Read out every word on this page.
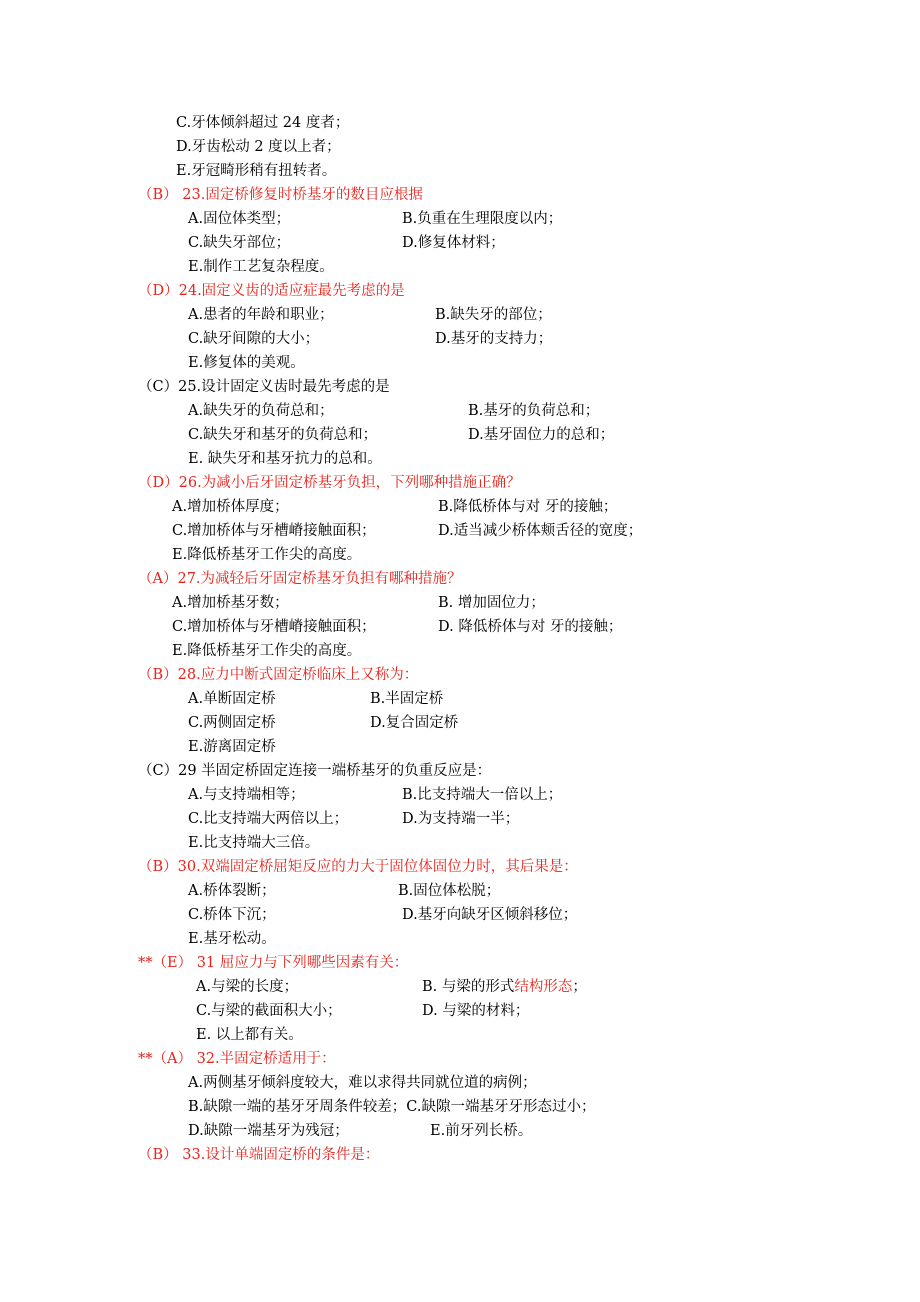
C.牙体倾斜超过 24 度者；
D.牙齿松动 2 度以上者；
E.牙冠畸形稍有扭转者。
（B） 23.固定桥修复时桥基牙的数目应根据
A.固位体类型；	B.负重在生理限度以内；
C.缺失牙部位；	D.修复体材料；
E.制作工艺复杂程度。
（D）24.固定义齿的适应症最先考虑的是
A.患者的年龄和职业；	B.缺失牙的部位；
C.缺牙间隙的大小；	D.基牙的支持力；
E.修复体的美观。
（C）25.设计固定义齿时最先考虑的是
A.缺失牙的负荷总和；	B.基牙的负荷总和；
C.缺失牙和基牙的负荷总和；	D.基牙固位力的总和；
E. 缺失牙和基牙抗力的总和。
（D）26.为减小后牙固定桥基牙负担，下列哪种措施正确？
A.增加桥体厚度；	B.降低桥体与对 牙的接触；
C.增加桥体与牙槽嵴接触面积；	D.适当减少桥体颊舌径的宽度；
E.降低桥基牙工作尖的高度。
（A）27.为减轻后牙固定桥基牙负担有哪种措施？
A.增加桥基牙数；	B. 增加固位力；
C.增加桥体与牙槽嵴接触面积；	D. 降低桥体与对 牙的接触；
E.降低桥基牙工作尖的高度。
（B）28.应力中断式固定桥临床上又称为：
A.单断固定桥	B.半固定桥
C.两侧固定桥	D.复合固定桥
E.游离固定桥
（C）29 半固定桥固定连接一端桥基牙的负重反应是：
A.与支持端相等；	B.比支持端大一倍以上；
C.比支持端大两倍以上；	D.为支持端一半；
E.比支持端大三倍。
（B）30.双端固定桥屈矩反应的力大于固位体固位力时，其后果是：
A.桥体裂断；	B.固位体松脱；
C.桥体下沉；	D.基牙向缺牙区倾斜移位；
E.基牙松动。
**（E） 31 屈应力与下列哪些因素有关：
A.与梁的长度；	B. 与梁的形式结构形态；
C.与梁的截面积大小；	D. 与梁的材料；
E. 以上都有关。
**（A） 32.半固定桥适用于：
A.两侧基牙倾斜度较大，难以求得共同就位道的病例；
B.缺隙一端的基牙牙周条件较差；C.缺隙一端基牙牙形态过小；
D.缺隙一端基牙为残冠；	E.前牙列长桥。
（B） 33.设计单端固定桥的条件是：
